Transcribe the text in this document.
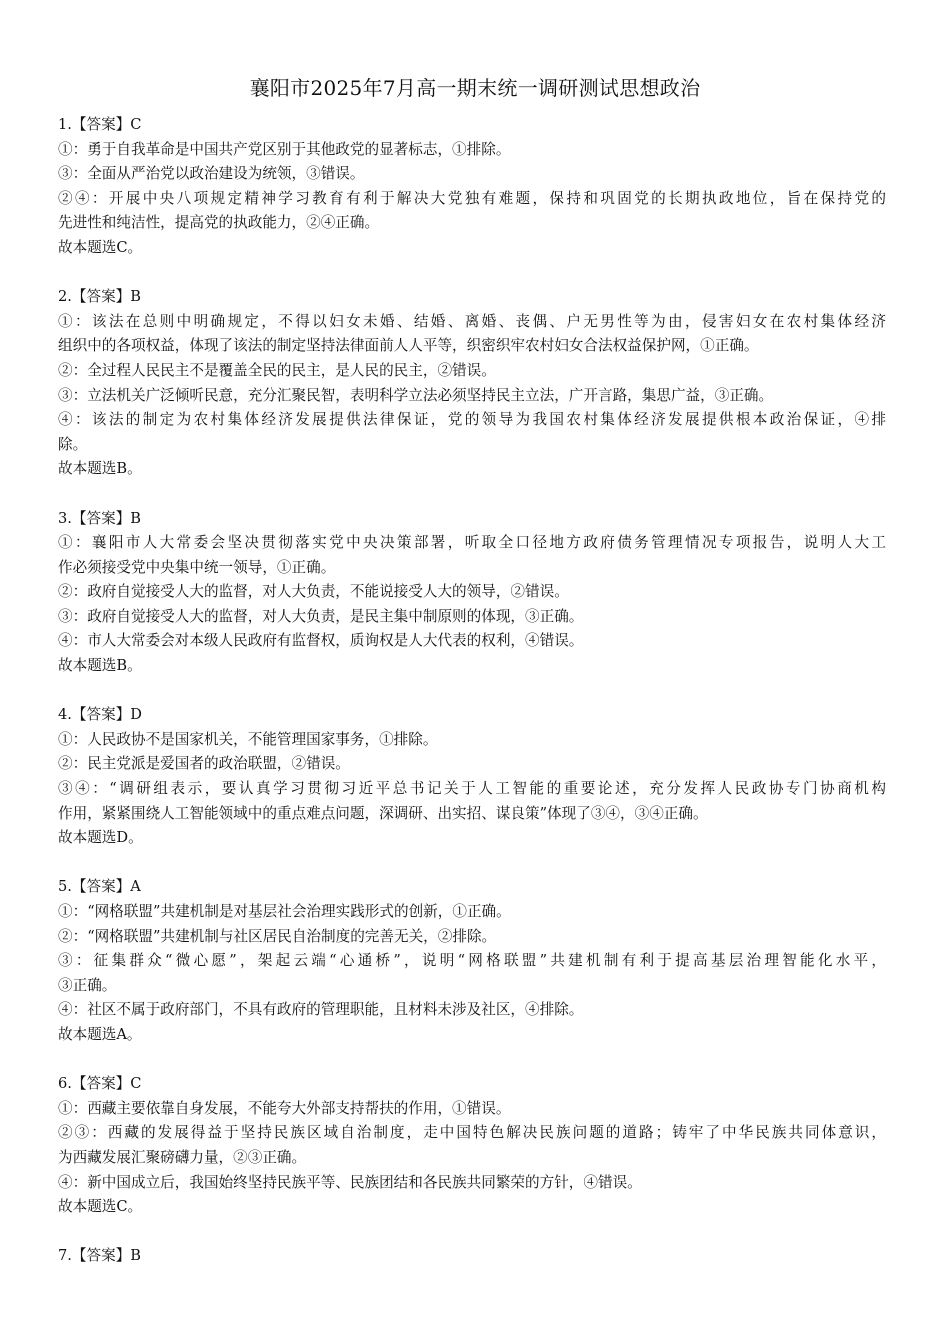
襄阳市2025年7月高一期末统一调研测试思想政治
1.【答案】C
①：勇于自我革命是中国共产党区别于其他政党的显著标志，①排除。
③：全面从严治党以政治建设为统领，③错误。
②④：开展中央八项规定精神学习教育有利于解决大党独有难题，保持和巩固党的长期执政地位，旨在保持党的
先进性和纯洁性，提高党的执政能力，②④正确。
故本题选C。
2.【答案】B
①：该法在总则中明确规定，不得以妇女未婚、结婚、离婚、丧偶、户无男性等为由，侵害妇女在农村集体经济
组织中的各项权益，体现了该法的制定坚持法律面前人人平等，织密织牢农村妇女合法权益保护网，①正确。
②：全过程人民民主不是覆盖全民的民主，是人民的民主，②错误。
③：立法机关广泛倾听民意，充分汇聚民智，表明科学立法必须坚持民主立法，广开言路，集思广益，③正确。
④：该法的制定为农村集体经济发展提供法律保证，党的领导为我国农村集体经济发展提供根本政治保证，④排
除。
故本题选B。
3.【答案】B
①：襄阳市人大常委会坚决贯彻落实党中央决策部署，听取全口径地方政府债务管理情况专项报告，说明人大工
作必须接受党中央集中统一领导，①正确。
②：政府自觉接受人大的监督，对人大负责，不能说接受人大的领导，②错误。
③：政府自觉接受人大的监督，对人大负责，是民主集中制原则的体现，③正确。
④：市人大常委会对本级人民政府有监督权，质询权是人大代表的权利，④错误。
故本题选B。
4.【答案】D
①：人民政协不是国家机关，不能管理国家事务，①排除。
②：民主党派是爱国者的政治联盟，②错误。
③④：“调研组表示，要认真学习贯彻习近平总书记关于人工智能的重要论述，充分发挥人民政协专门协商机构
作用，紧紧围绕人工智能领域中的重点难点问题，深调研、出实招、谋良策”体现了③④，③④正确。
故本题选D。
5.【答案】A
①：“网格联盟”共建机制是对基层社会治理实践形式的创新，①正确。
②：“网格联盟”共建机制与社区居民自治制度的完善无关，②排除。
③：征集群众“微心愿”，架起云端“心通桥”，说明“网格联盟”共建机制有利于提高基层治理智能化水平，
③正确。
④：社区不属于政府部门，不具有政府的管理职能，且材料未涉及社区，④排除。
故本题选A。
6.【答案】C
①：西藏主要依靠自身发展，不能夸大外部支持帮扶的作用，①错误。
②③：西藏的发展得益于坚持民族区域自治制度，走中国特色解决民族问题的道路；铸牢了中华民族共同体意识，
为西藏发展汇聚磅礴力量，②③正确。
④：新中国成立后，我国始终坚持民族平等、民族团结和各民族共同繁荣的方针，④错误。
故本题选C。
7.【答案】B
